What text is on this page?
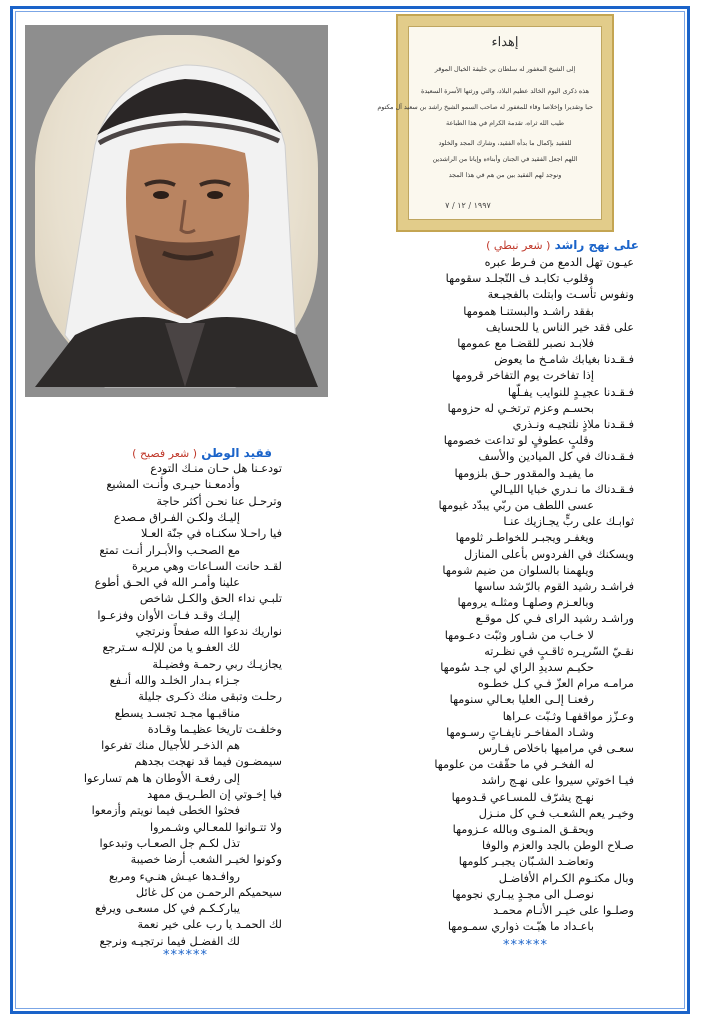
إهداء
إلى الشيخ المغفور له سلطان بن خليفة الخيال الموقر
هذه ذكرى اليوم الخالد عظيم البلاد، والتي ورثتها الأسرة السعيدة
حبا وتقديرا وإخلاصا وفاء للمغفور له صاحب السمو الشيخ راشد بن سعيد آل مكتوم
طيب الله ثراه، تقدمة الكرام في هذا الطباعة
للفقيد بإكمال ما بدأه الفقيد، وشارك المجد والخلود
اللهم اجعل الفقيد في الجنان وأبناءه وإيانا من الراشدين
ونوجد لهم الفقيد بين من هم في هذا المجد
١٩٩٧ / ١٢ / ٧
على نهج راشد ( شعر نبطي )
عيـون تهل الدمع من فـرط عبره
وقلوب تكابـد ف التّجلـد سقومها
ونفوس تأسـت وابتلت بالفجيـعة
بفقد راشـد والبستنـا همومها
على فقد خير الناس يا للحسايف
فلابـد نصبر للقضـا مع عمومها
فـقـدنا بغيابك شامـخ ما يعوض
إذا تفاخرت يوم التفاخر قرومها
فـقـدنا عجيـدٍ للنوايب يفـلّها
بحسـم وعزم ترتخـي له حزومها
فـقـدنا ملاذٍ نلتجيـه ونـذري
وقلبٍ عطوفٍ لو تداعت خصومها
فـقـدناك في كل الميادين والأسف
ما يفيـد والمقدور حـق بلزومها
فـقـدناك ما نـدري خبايا الليـالي
عسى اللطف من ربّي يبدّد غيومها
ثوابـك على ربٍّ يجـازيك عنـا
ويغفـر ويجبـر للخواطـر ثلومها
ويسكنك في الفردوس بأعلى المنازل
ويلهمنا بالسلوان من ضيم شومها
فراشـد رشيد القوم بالرّشد ساسها
وبالعـزم وصلهـا ومثلـه يرومها
وراشـد رشيد الراى فـي كل موقـع
لا خـاب من شـاور وثبّت دعـومها
نقـيّ السّريـره ثاقـبٍ في نظـرته
حكيـم سديدِ الراي لي جـد سُومها
مرامـه مرام العزّ فـي كـل خطـوه
رفعنـا إلـى العليا بعـالي سنومها
وعـزّز مواقفهـا وثـبّت عـراها
وشـاد المفاخـر نايفـاتٍ رسـومها
سعـى في مراميها باخلاص فـارس
له الفخـر في ما حقّقت من علومها
فيـا اخوتي سيروا على نهـج راشد
نهـج يشرّف للمسـاعي قـدومها
وخيـر يعم الشعـب فـي كل منـزل
ويحقـق المنـوى وبالله عـزومها
صـلاح الوطن بالجد والعزم والوفا
وتعاضـد الشـبّان يجبـر كلومها
وبال مكتـوم الكـرام الأفاضـل
نوصـل الى مجـدٍ يبـاري نجومها
وصلـوا على خيـر الأنـام محمـد
باعـداد ما هبّـت ذواري سمـومها
******
فقيد الوطن ( شعر فصيح )
تودعـنا هل حـان منـك التودع
وأدمعـنا حيـرى وأنـت المشيع
وترحـل عنا نحـن أكثر حاجة
إليـك ولكـن الفـراق مـصدع
فيا راحـلا سكنـاه في جنّة العـلا
مع الصحـب والأبـرار أنـت تمتع
لقـد حانت السـاعات وهي مريرة
علينا وأمـر الله في الحـق أطوع
تلبـي نداء الحق والكـل شاخص
إليـك وقـد فـات الأوان وفزعـوا
نواريك ندعوا الله صفحاً ونرتجي
لك العفـو يا من للإلـه سـترجع
يجازيـك ربي رحمـة وفضيـلة
جـزاء بـدار الخلـد والله أنـفع
رحلـت وتبقى منك ذكـرى جليلة
مناقبـها مجـد تجسـد يسطع
وخلفـت تاريخا عظيـما وقـادة
هم الذخـر للأجيال منك تفرعوا
سيمضـون فيما قد نهجت بجدهم
إلى رفعـة الأوطان ها هم تسارعوا
فيا إخـوتي إن الطـريـق ممهد
فحثوا الخطى فيما نويتم وأزمعوا
ولا تتـوانوا للمعـالي وشـمروا
تذل لكـم جل الصعـاب وتبدعوا
وكونوا لخيـر الشعب أرضا خصيبة
روافـدها عيـش هنـيء ومربع
سيحميكم الرحمـن من كل غائل
يباركـكـم في كل مسعـى ويرفع
لك الحمـد يا رب على خير نعمة
لك الفضـل فيما نرتجيـه ونرجع
******
